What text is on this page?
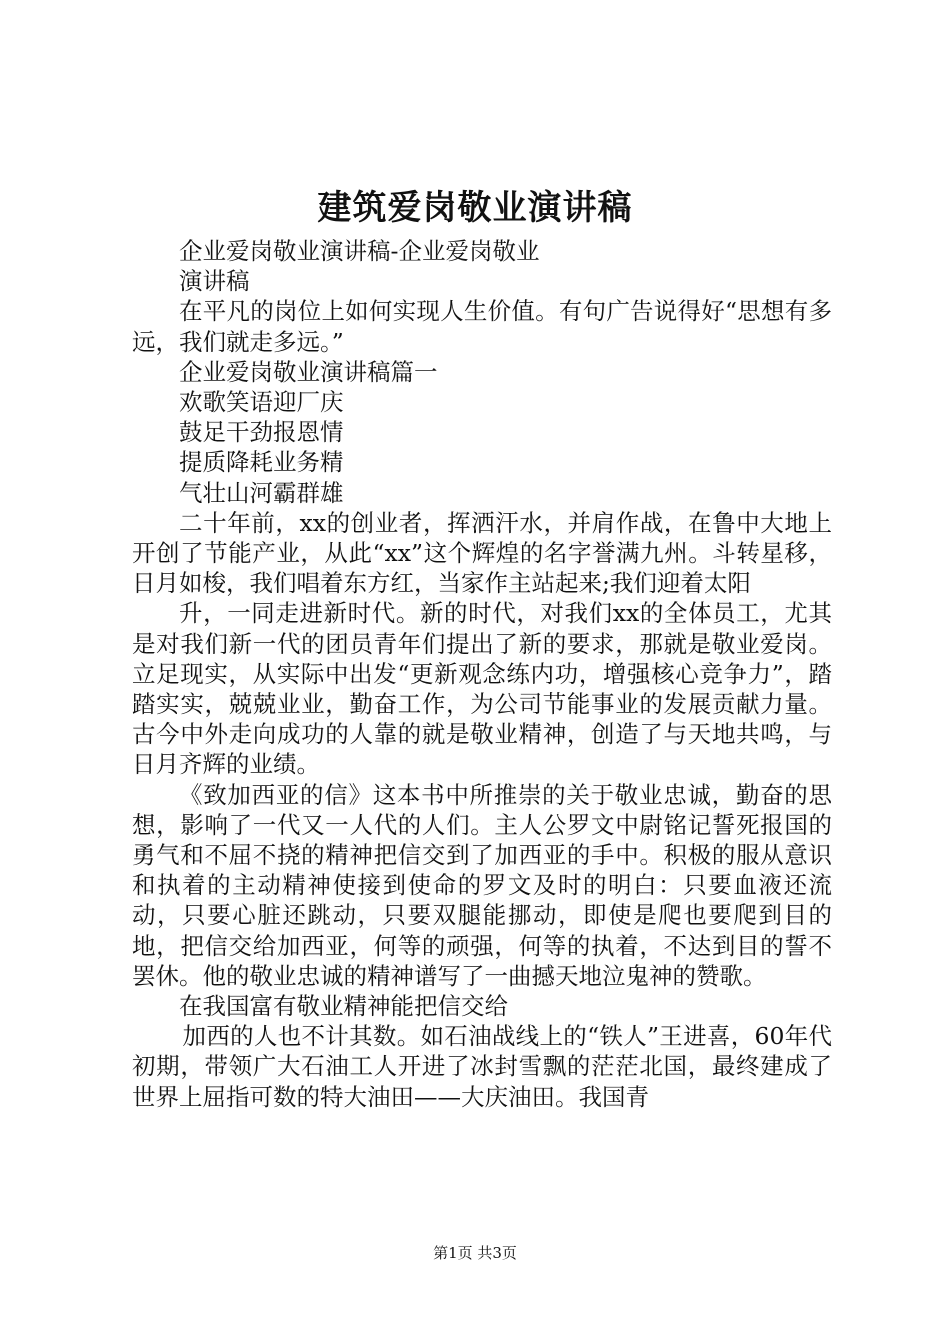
建筑爱岗敬业演讲稿

企业爱岗敬业演讲稿-企业爱岗敬业

演讲稿

在平凡的岗位上如何实现人生价值。有句广告说得好“思想有多远，我们就走多远。”

企业爱岗敬业演讲稿篇一

欢歌笑语迎厂庆

鼓足干劲报恩情

提质降耗业务精

气壮山河霸群雄

二十年前，xx的创业者，挥洒汗水，并肩作战，在鲁中大地上开创了节能产业，从此“xx”这个辉煌的名字誉满九州。斗转星移，日月如梭，我们唱着东方红，当家作主站起来;我们迎着太阳

升，一同走进新时代。新的时代，对我们xx的全体员工，尤其是对我们新一代的团员青年们提出了新的要求，那就是敬业爱岗。立足现实，从实际中出发“更新观念练内功，增强核心竞争力”，踏踏实实，兢兢业业，勤奋工作，为公司节能事业的发展贡献力量。古今中外走向成功的人靠的就是敬业精神，创造了与天地共鸣，与日月齐辉的业绩。

《致加西亚的信》这本书中所推崇的关于敬业忠诚，勤奋的思想，影响了一代又一人代的人们。主人公罗文中尉铭记誓死报国的勇气和不屈不挠的精神把信交到了加西亚的手中。积极的服从意识和执着的主动精神使接到使命的罗文及时的明白：只要血液还流动，只要心脏还跳动，只要双腿能挪动，即使是爬也要爬到目的地，把信交给加西亚，何等的顽强，何等的执着，不达到目的誓不罢休。他的敬业忠诚的精神谱写了一曲撼天地泣鬼神的赞歌。

在我国富有敬业精神能把信交给

加西的人也不计其数。如石油战线上的“铁人”王进喜，60年代初期，带领广大石油工人开进了冰封雪飘的茫茫北国，最终建成了世界上屈指可数的特大油田——大庆油田。我国青

第1页 共3页
